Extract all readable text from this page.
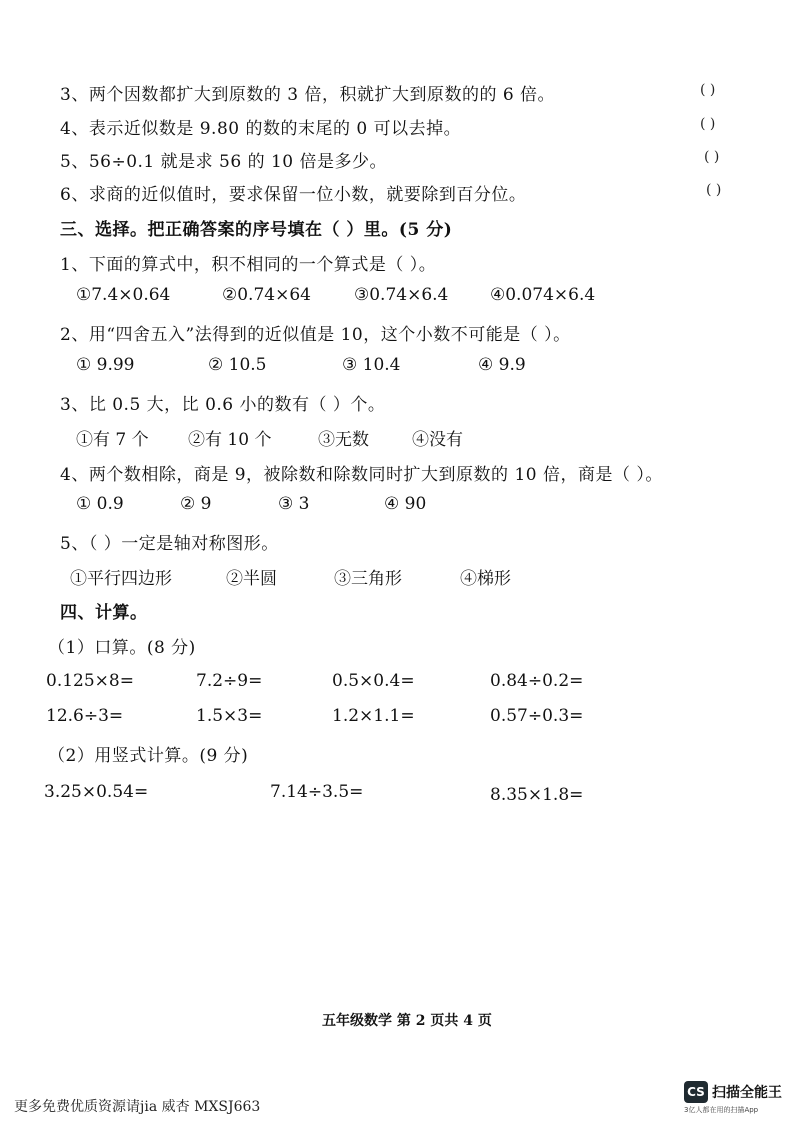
3、两个因数都扩大到原数的 3 倍，积就扩大到原数的的 6 倍。	( )
4、表示近似数是 9.80 的数的末尾的 0 可以去掉。	( )
5、56÷0.1 就是求 56 的 10 倍是多少。	( )
6、求商的近似值时，要求保留一位小数，就要除到百分位。	( )
三、选择。把正确答案的序号填在（ ）里。(5 分)
1、下面的算式中，积不相同的一个算式是（ ）。
①7.4×0.64	②0.74×64	③0.74×6.4 ④0.074×6.4
2、用“四舍五入”法得到的近似值是 10，这个小数不可能是（ ）。
① 9.99	② 10.5	③ 10.4	④ 9.9
3、比 0.5 大，比 0.6 小的数有（ ）个。
①有 7 个 ②有 10 个	③无数	④没有
4、两个数相除，商是 9，被除数和除数同时扩大到原数的 10 倍，商是（ ）。
① 0.9	② 9	③ 3	④ 90
5、（ ）一定是轴对称图形。
①平行四边形	②半圆	③三角形	④梯形
四、计算。
（1）口算。(8 分)
0.125×8=	7.2÷9=	0.5×0.4=	0.84÷0.2=
12.6÷3=	1.5×3=	1.2×1.1=	0.57÷0.3=
（2）用竖式计算。(9 分)
3.25×0.54=	7.14÷3.5=	8.35×1.8=
五年级数学 第 2 页共 4 页
更多免费优质资源请jia 威杏 MXSJ663
CS 扫描全能王
3亿人都在用的扫描App
